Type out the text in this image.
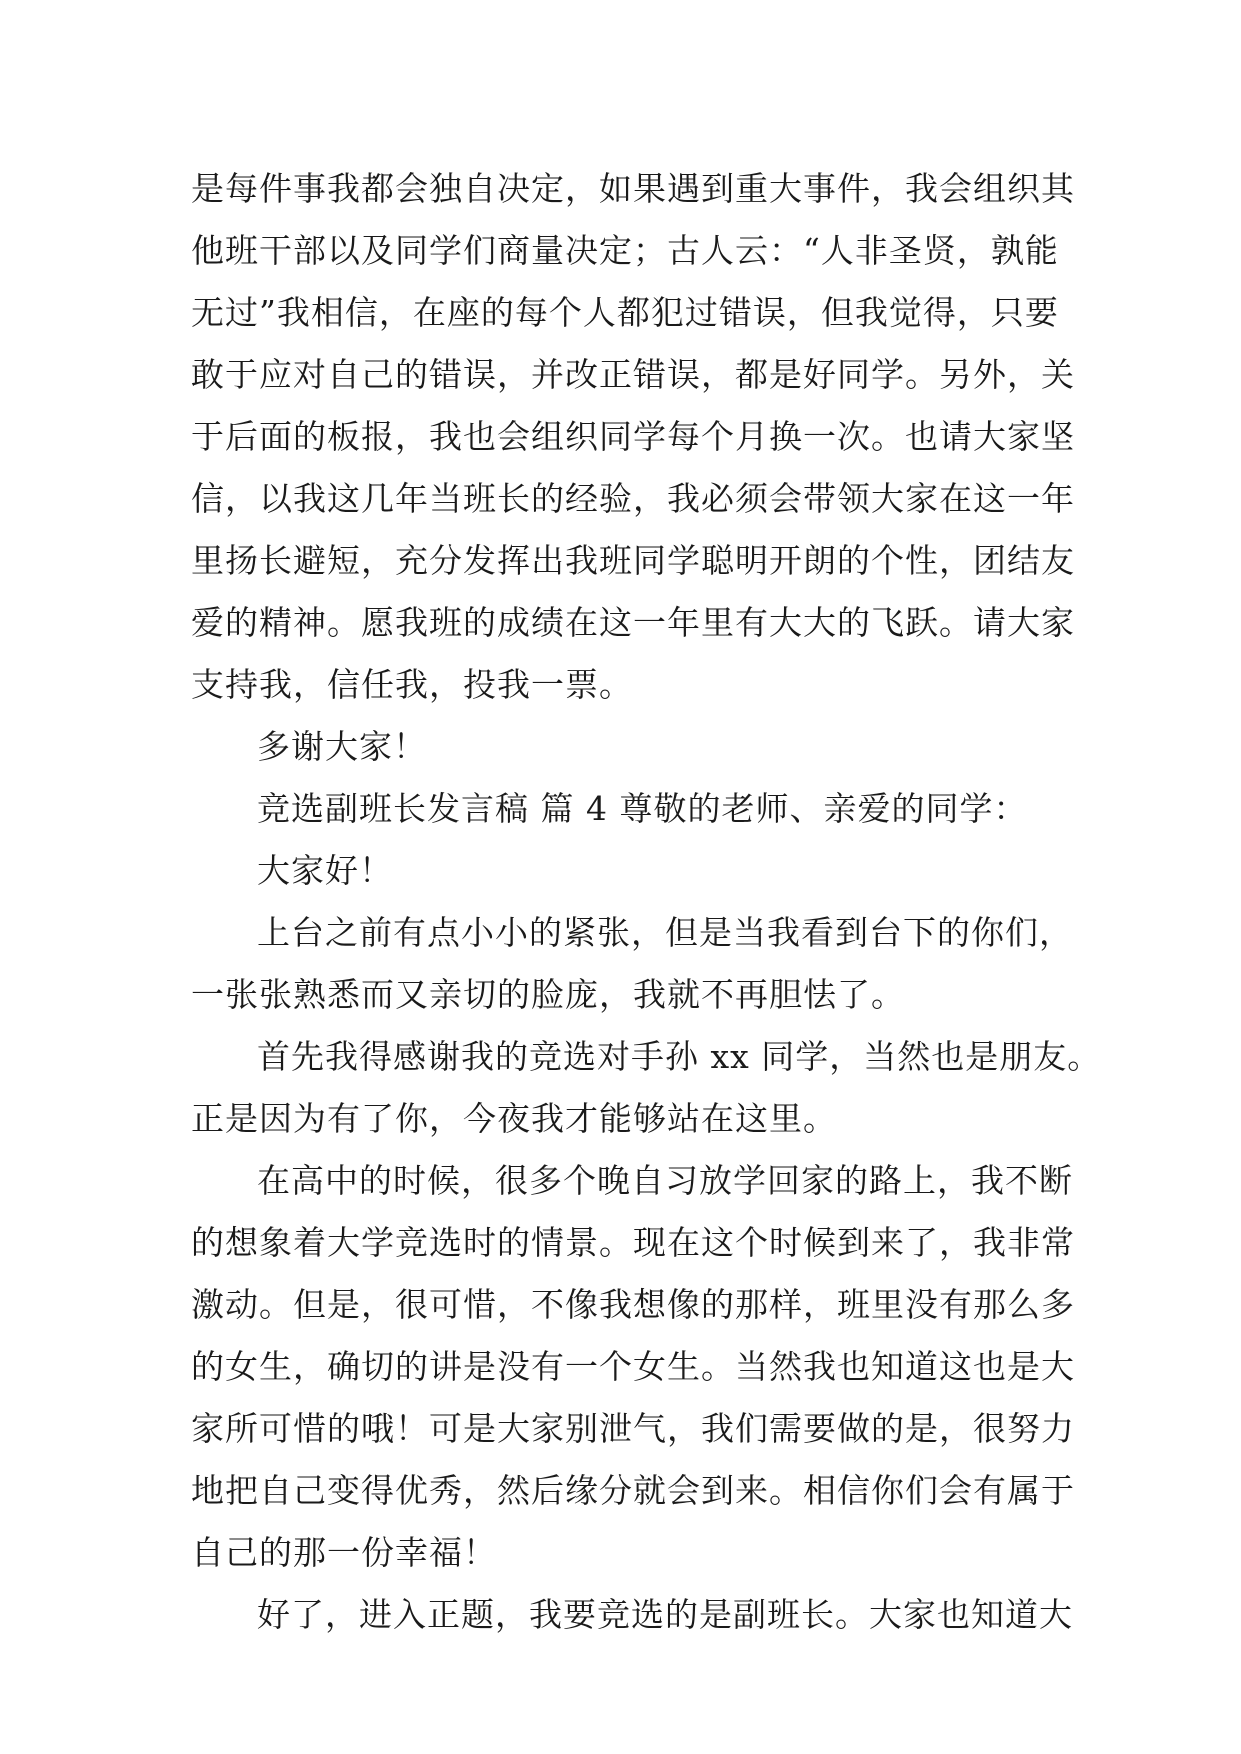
是每件事我都会独自决定，如果遇到重大事件，我会组织其
他班干部以及同学们商量决定；古人云：“人非圣贤，孰能
无过”我相信，在座的每个人都犯过错误，但我觉得，只要
敢于应对自己的错误，并改正错误，都是好同学。另外，关
于后面的板报，我也会组织同学每个月换一次。也请大家坚
信，以我这几年当班长的经验，我必须会带领大家在这一年
里扬长避短，充分发挥出我班同学聪明开朗的个性，团结友
爱的精神。愿我班的成绩在这一年里有大大的飞跃。请大家
支持我，信任我，投我一票。
多谢大家！
竞选副班长发言稿 篇 4 尊敬的老师、亲爱的同学：
大家好！
上台之前有点小小的紧张，但是当我看到台下的你们，
一张张熟悉而又亲切的脸庞，我就不再胆怯了。
首先我得感谢我的竞选对手孙 xx 同学，当然也是朋友。
正是因为有了你，今夜我才能够站在这里。
在高中的时候，很多个晚自习放学回家的路上，我不断
的想象着大学竞选时的情景。现在这个时候到来了，我非常
激动。但是，很可惜，不像我想像的那样，班里没有那么多
的女生，确切的讲是没有一个女生。当然我也知道这也是大
家所可惜的哦！可是大家别泄气，我们需要做的是，很努力
地把自己变得优秀，然后缘分就会到来。相信你们会有属于
自己的那一份幸福！
好了，进入正题，我要竞选的是副班长。大家也知道大
